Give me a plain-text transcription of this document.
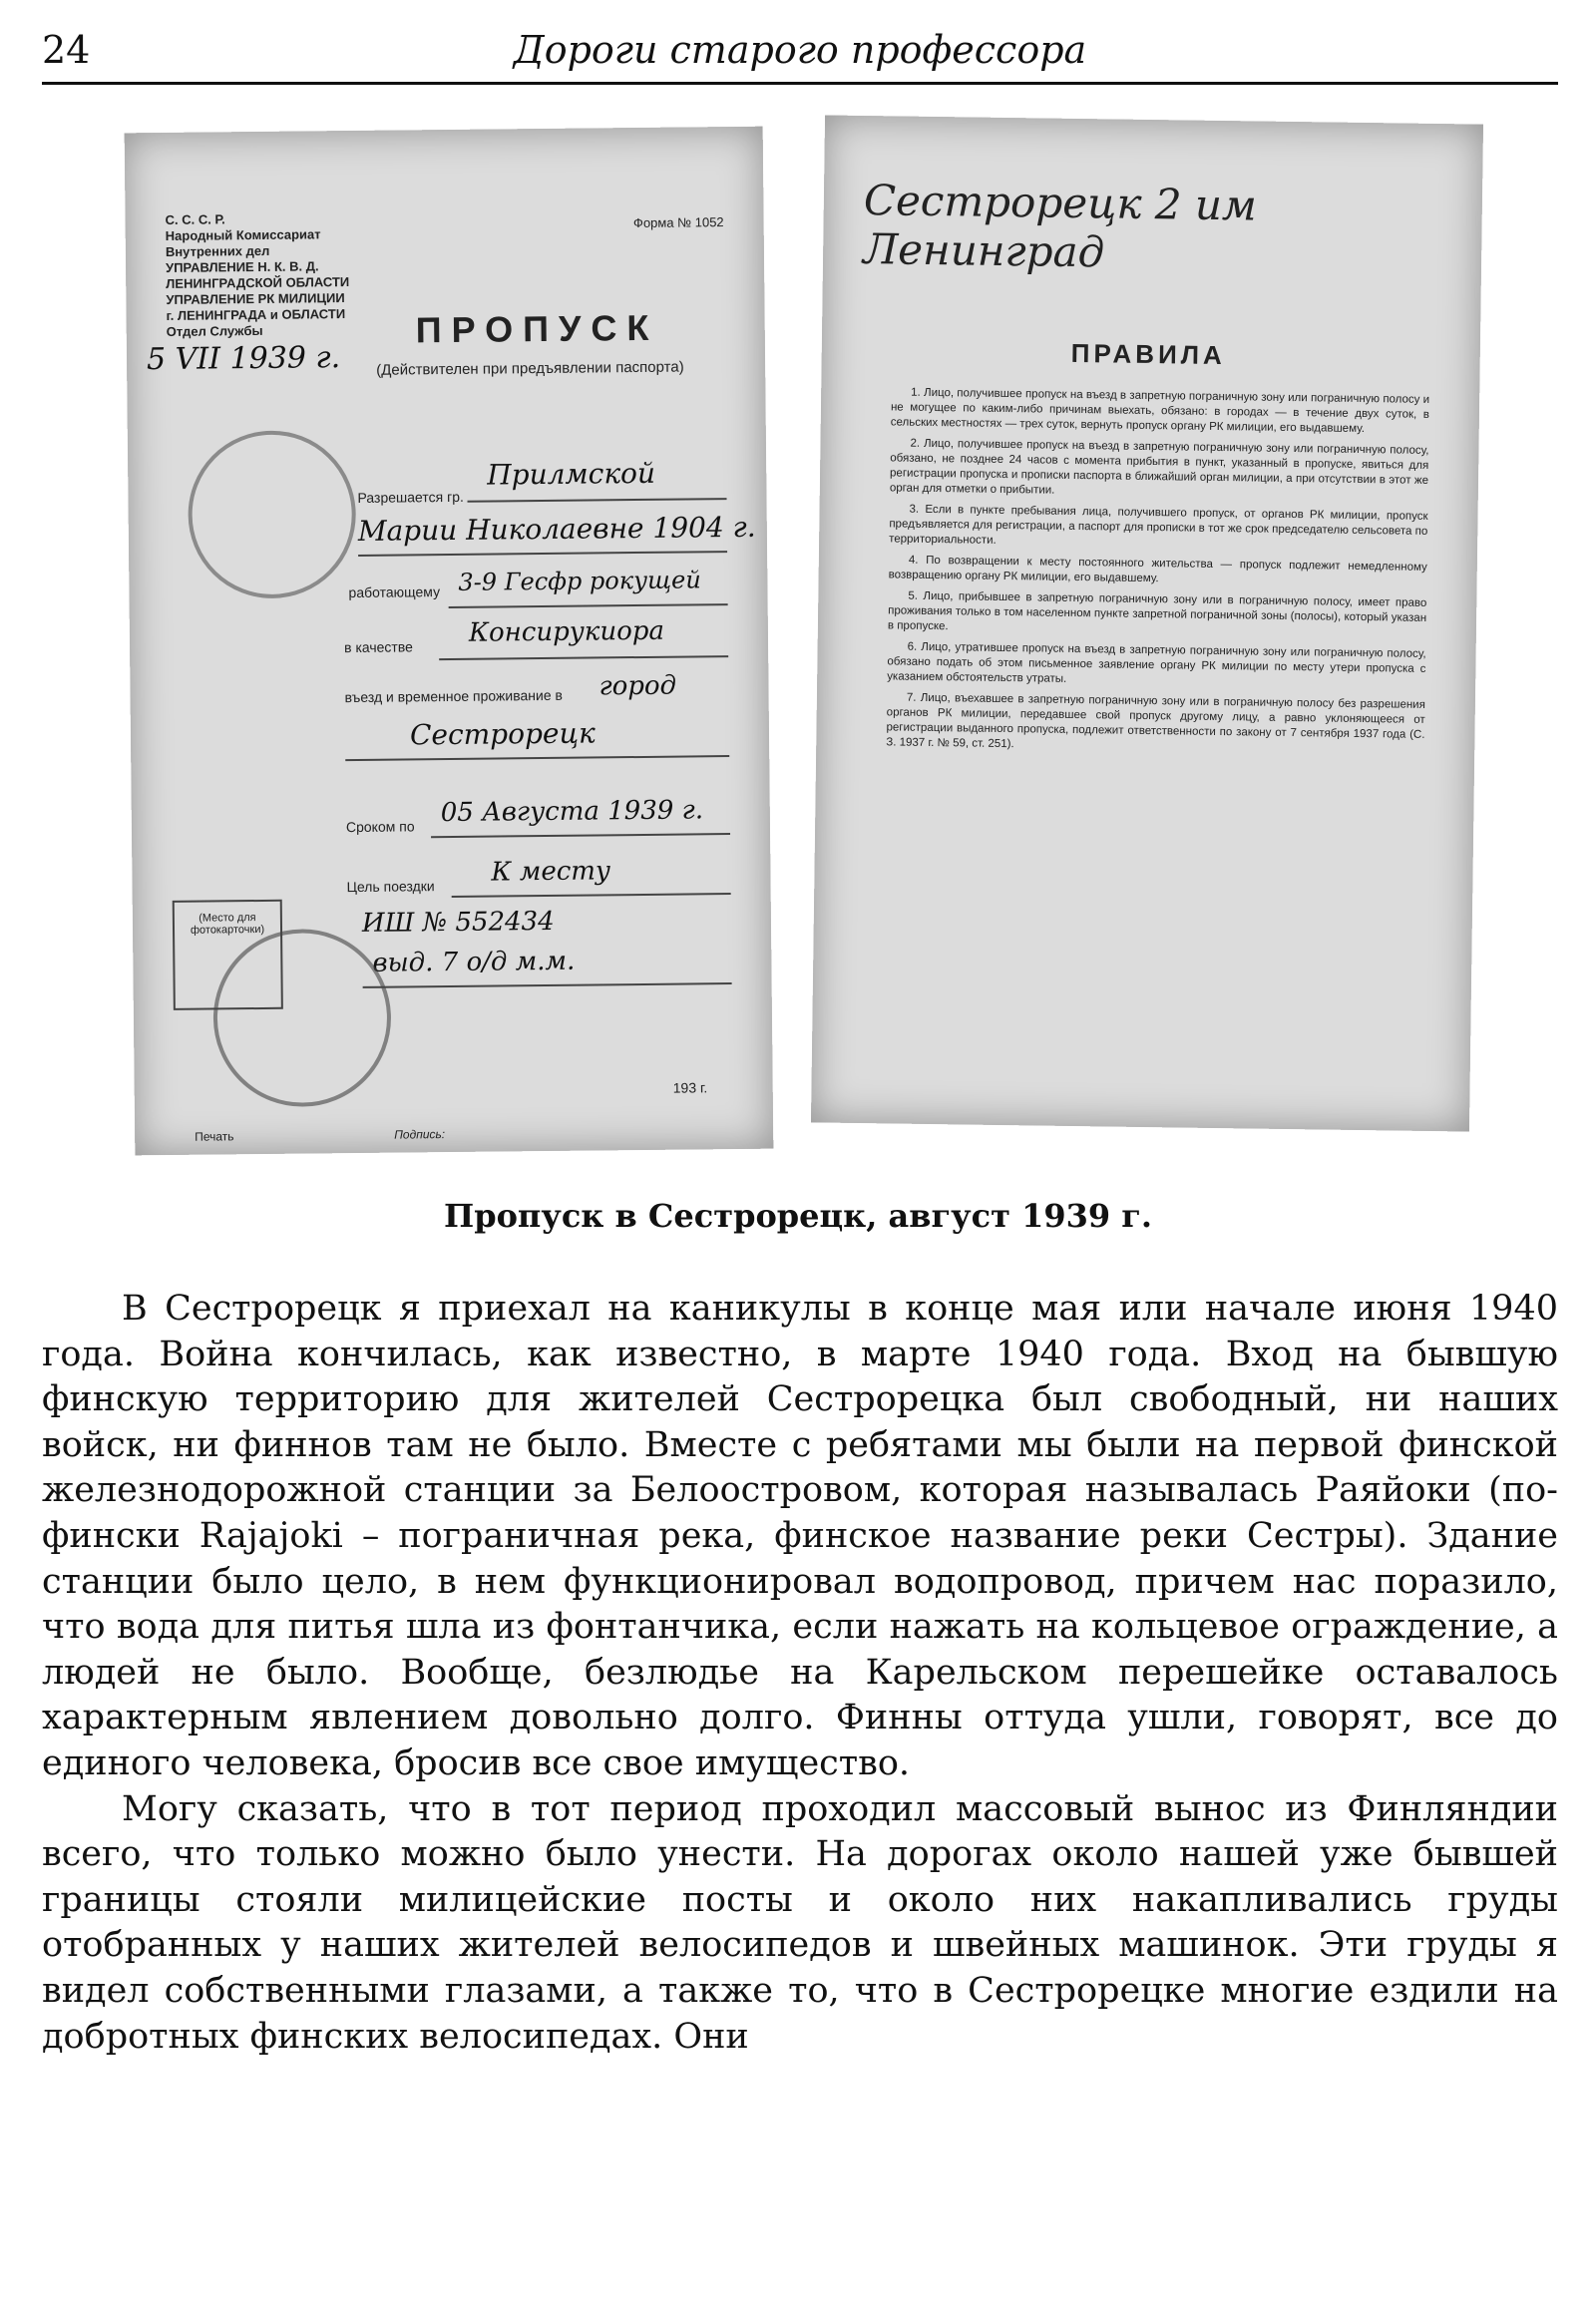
24	Дороги старого профессора
С. С. С. Р.
Народный Комиссариат
Внутренних дел
УПРАВЛЕНИЕ Н. К. В. Д.
ЛЕНИНГРАДСКОЙ ОБЛАСТИ
УПРАВЛЕНИЕ РК МИЛИЦИИ
г. ЛЕНИНГРАДА и ОБЛАСТИ
Отдел Службы
Форма № 1052
ПРОПУСК
5 VII 1939 г. (Действителен при предъявлении паспорта)
Разрешается гр.
Прилмской
Марии Николаевне 1904 г.
работающему 3-9 Гесфр рокущей
в качестве Консирукиора
въезд и временное проживание в город
Сестрорецк
Сроком по 05 Августа 1939 г.
(Место для фотокарточки)
Цель поездки К месту
ИШ № 552434
выд. 7 о/д м.м.
193 г.
Печать	Подпись:
Сестрорецк 2 им Ленинград
ПРАВИЛА

1. Лицо, получившее пропуск на въезд в запретную пограничную зону или пограничную полосу и не могущее по каким-либо причинам выехать, обязано: в городах — в течение двух суток, в сельских местностях — трех суток, вернуть пропуск органу РК милиции, его выдавшему.

2. Лицо, получившее пропуск на въезд в запретную пограничную зону или пограничную полосу, обязано, не позднее 24 часов с момента прибытия в пункт, указанный в пропуске, явиться для регистрации пропуска и прописки паспорта в ближайший орган милиции, а при отсутствии в этот же орган для отметки о прибытии.

3. Если в пункте пребывания лица, получившего пропуск, от органов РК милиции, пропуск предъявляется для регистрации, а паспорт для прописки в тот же срок председателю сельсовета по территориальности.

4. По возвращении к месту постоянного жительства — пропуск подлежит немедленному возвращению органу РК милиции, его выдавшему.

5. Лицо, прибывшее в запретную пограничную зону или в пограничную полосу, имеет право проживания только в том населенном пункте запретной пограничной зоны (полосы), который указан в пропуске.

6. Лицо, утратившее пропуск на въезд в запретную пограничную зону или пограничную полосу, обязано подать об этом письменное заявление органу РК милиции по месту утери пропуска с указанием обстоятельств утраты.

7. Лицо, въехавшее в запретную пограничную зону или в пограничную полосу без разрешения органов РК милиции, передавшее свой пропуск другому лицу, а равно уклоняющееся от регистрации выданного пропуска, подлежит ответственности по закону от 7 сентября 1937 года (С. З. 1937 г. № 59, ст. 251).

Пропуск в Сестрорецк, август 1939 г.

В Сестрорецк я приехал на каникулы в конце мая или начале июня 1940 года. Война кончилась, как известно, в марте 1940 года. Вход на бывшую финскую территорию для жителей Сестрорецка был свободный, ни наших войск, ни финнов там не было. Вместе с ребятами мы были на первой финской железнодорожной станции за Белоостровом, которая называлась Раяйоки (по-фински Rajajoki – пограничная река, финское название реки Сестры). Здание станции было цело, в нем функционировал водопровод, причем нас поразило, что вода для питья шла из фонтанчика, если нажать на кольцевое ограждение, а людей не было. Вообще, безлюдье на Карельском перешейке оставалось характерным явлением довольно долго. Финны оттуда ушли, говорят, все до единого человека, бросив все свое имущество.

Могу сказать, что в тот период проходил массовый вынос из Финляндии всего, что только можно было унести. На дорогах около нашей уже бывшей границы стояли милицейские посты и около них накапливались груды отобранных у наших жителей велосипедов и швейных машинок. Эти груды я видел собственными глазами, а также то, что в Сестрорецке многие ездили на добротных финских велосипедах. Они
